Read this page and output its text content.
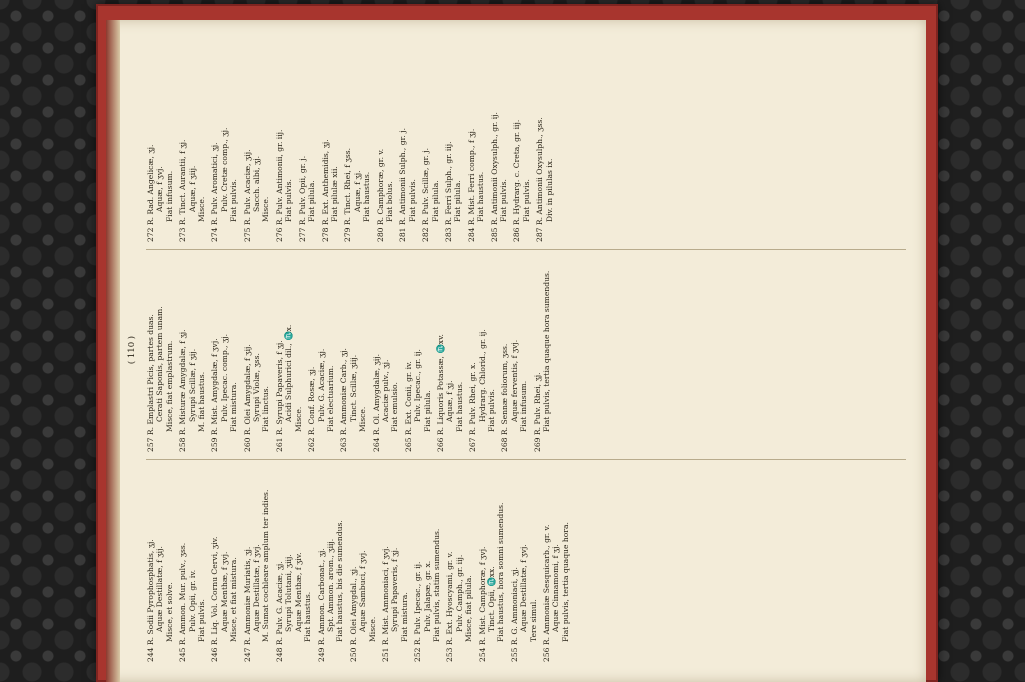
( 110 )
244 R. Sodii Pyrophosphatis, ʒj. Aquæ Destillatæ, f ʒij. Misce, et solve. 245 R. Ammon. Mur. pulv., ʒss. Pulv. Opii, gr. iv. Fiat pulvis. 246 R. Liq. Vol. Cornu Cervi, ʒiv. Aquæ Menthæ, f ʒvj. Misce, et fiat mistura. 247 R. Ammoniæ Muriatis, ʒj. Aquæ Destillatæ, f ʒvj. M. Sumat cochleare amplum ter indies. 248 R. Pulv. G. Acaciæ, ʒj. Syrupi Tolutani, ʒiij. Aquæ Menthæ, f ʒiv. Fiat haustus. 249 R. Ammon. Carbonat., ʒj. Spt. Ammon. arom., ʒiij. Fiat haustus, bis die sumendus. 250 R. Olei Amygdal., ʒj. Aquæ Sambuci, f ʒvj. Misce. 251 R. Mist. Ammoniaci, f ʒvj. Syrupi Papaveris, f ʒj. Fiat mistura. 252 R. Pulv. Ipecac., gr. ij. Pulv. Jalapæ, gr. x. Fiat pulvis, statim sumendus. 253 R. Ext. Hyoscyami, gr. v. Pulv. Camph., gr. iij. Misce, fiat pilula. 254 R. Mist. Camphoræ, f ʒvj. Tinct. Opii, ♏xx. Fiat haustus, hora somni sumendus. 255 R. G. Ammoniaci, ʒj. Aquæ Destillatæ, f ʒvj. Tere simul. 256 R. Ammoniæ Sesquicarb., gr. v. Aquæ Cinnamomi, f ʒj. Fiat pulvis, tertia quaque hora.
257 R. Emplastri Picis, partes duas. Cerati Saponis, partem unam. Misce, fiat emplastrum. 258 R. Misturæ Amygdalæ, f ʒj. Syrupi Scillæ, f ʒij. M. fiat haustus. 259 R. Mist. Amygdalæ, f ʒvj. Pulv. Ipecac. comp., ʒj. Fiat mistura. 260 R. Olei Amygdalæ, f ʒij. Syrupi Violæ, ʒss. Fiat linctus. 261 R. Syrupi Papaveris, f ʒj. Acidi Sulphurici dil., ♏x. Misce. 262 R. Conf. Rosæ, ʒj. Pulv. G. Acaciæ, ʒj. Fiat electuarium. 263 R. Ammoniæ Carb., ʒj. Tinct. Scillæ, ʒiij. Misce. 264 R. Ol. Amygdalæ, ʒij. Acaciæ pulv., ʒj. Fiat emulsio. 265 R. Ext. Conii, gr. iv. Pulv. Ipecac., gr. ij. Fiat pilula. 266 R. Liquoris Potassæ, ♏xv. Aquæ, f ʒj. Fiat haustus. 267 R. Pulv. Rhei, gr. x. Hydrarg. Chlorid., gr. ij. Fiat pulvis. 268 R. Sennæ foliorum, ʒss. Aquæ ferventis, f ʒvj. Fiat infusum. 269 R. Pulv. Rhei, ʒj. Fiat pulvis, tertia quaque hora sumendus.
272 R. Rad. Angelicæ, ʒj. Aquæ, f ʒvj. Fiat infusum. 273 R. Tinct. Aurantii, f ʒj. Aquæ, f ʒiij. Misce. 274 R. Pulv. Aromatici, ʒj. Pulv. Cretæ comp., ʒj. Fiat pulvis. 275 R. Pulv. Acaciæ, ʒij. Sacch. albi, ʒj. Misce. 276 R. Pulv. Antimonii, gr. iij. Fiat pulvis. 277 R. Pulv. Opii, gr. j. Fiat pilula. 278 R. Ext. Anthemidis, ʒj. Fiat pilulæ xii. 279 R. Tinct. Rhei, f ʒss. Aquæ, f ʒj. Fiat haustus. 280 R. Camphoræ, gr. v. Fiat bolus. 281 R. Antimonii Sulph., gr. j. Fiat pulvis. 282 R. Pulv. Scillæ, gr. j. Fiat pilula. 283 R. Ferri Sulph., gr. iij. Fiat pilula. 284 R. Mist. Ferri comp., f ʒj. Fiat haustus. 285 R. Antimonii Oxysulph., gr. ij. Fiat pulvis. 286 R. Hydrarg. c. Creta, gr. iij. Fiat pulvis. 287 R. Antimonii Oxysulph., ʒss. Div. in pilulas ix.
